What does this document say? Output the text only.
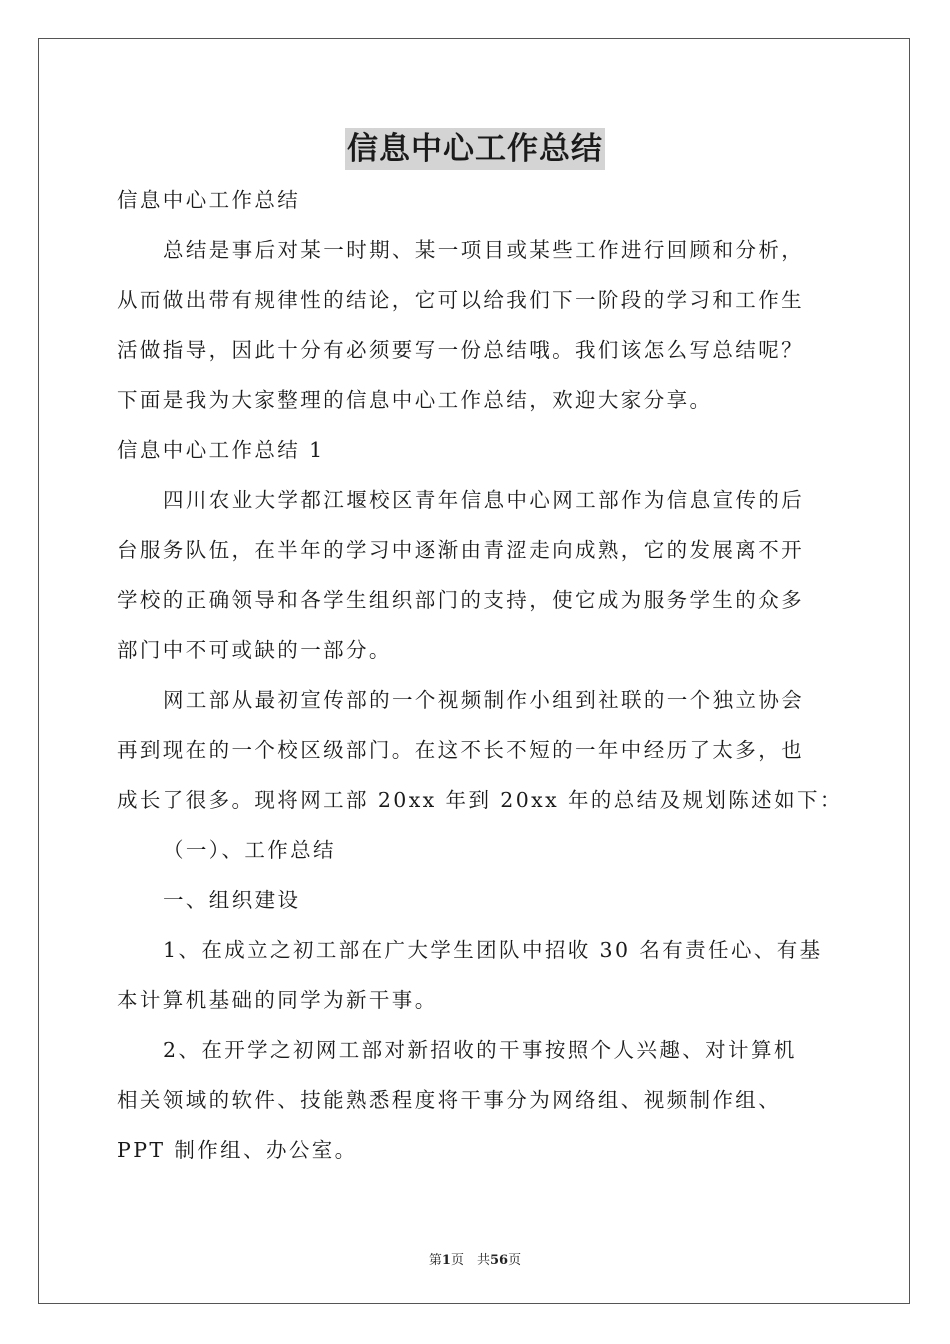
信息中心工作总结
信息中心工作总结
总结是事后对某一时期、某一项目或某些工作进行回顾和分析，
从而做出带有规律性的结论，它可以给我们下一阶段的学习和工作生
活做指导，因此十分有必须要写一份总结哦。我们该怎么写总结呢？
下面是我为大家整理的信息中心工作总结，欢迎大家分享。
信息中心工作总结 1
四川农业大学都江堰校区青年信息中心网工部作为信息宣传的后
台服务队伍，在半年的学习中逐渐由青涩走向成熟，它的发展离不开
学校的正确领导和各学生组织部门的支持，使它成为服务学生的众多
部门中不可或缺的一部分。
网工部从最初宣传部的一个视频制作小组到社联的一个独立协会
再到现在的一个校区级部门。在这不长不短的一年中经历了太多，也
成长了很多。现将网工部 20xx 年到 20xx 年的总结及规划陈述如下：
（一）、工作总结
一、组织建设
1、在成立之初工部在广大学生团队中招收 30 名有责任心、有基
本计算机基础的同学为新干事。
2、在开学之初网工部对新招收的干事按照个人兴趣、对计算机
相关领域的软件、技能熟悉程度将干事分为网络组、视频制作组、
PPT 制作组、办公室。
第1页　共56页
